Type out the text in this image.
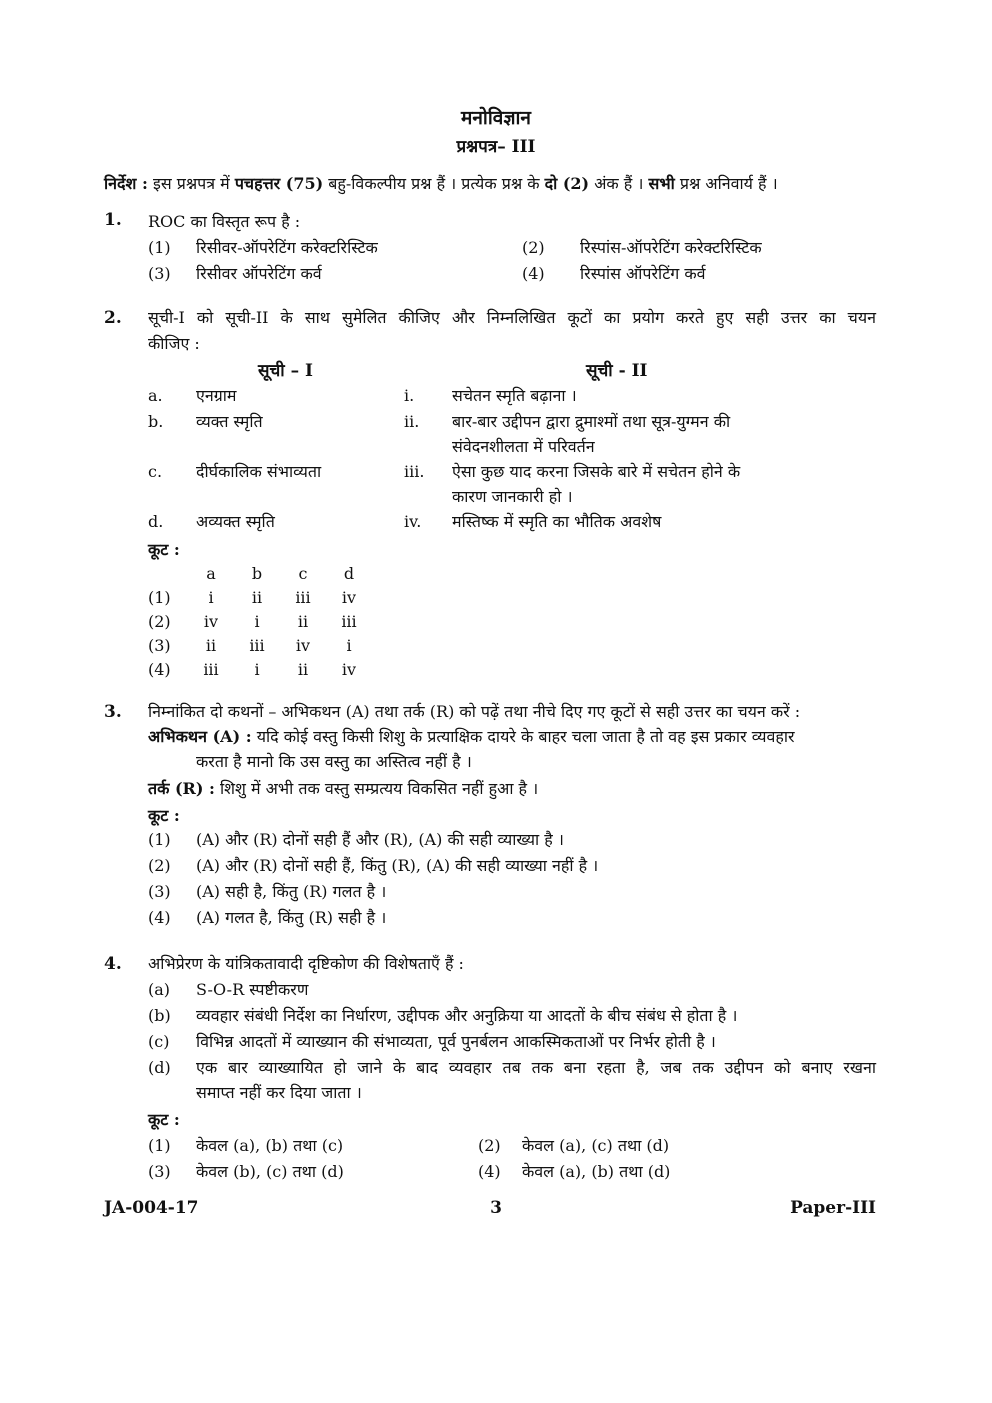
मनोविज्ञान
प्रश्नपत्र– III
निर्देश : इस प्रश्नपत्र में पचहत्तर (75) बहु-विकल्पीय प्रश्न हैं । प्रत्येक प्रश्न के दो (2) अंक हैं । सभी प्रश्न अनिवार्य हैं ।
1. ROC का विस्तृत रूप है :
(1) रिसीवर-ऑपरेटिंग करेक्टरिस्टिक	(2) रिस्पांस-ऑपरेटिंग करेक्टरिस्टिक
(3) रिसीवर ऑपरेटिंग कर्व	(4) रिस्पांस ऑपरेटिंग कर्व
2. सूची-I को सूची-II के साथ सुमेलित कीजिए और निम्नलिखित कूटों का प्रयोग करते हुए सही उत्तर का चयन
कीजिए :
सूची – I	सूची - II
a. एनग्राम	i. सचेतन स्मृति बढ़ाना ।
b. व्यक्त स्मृति	ii. बार-बार उद्दीपन द्वारा द्रुमाश्मों तथा सूत्र-युग्मन की
संवेदनशीलता में परिवर्तन
c. दीर्घकालिक संभाव्यता	iii. ऐसा कुछ याद करना जिसके बारे में सचेतन होने के
कारण जानकारी हो ।
d. अव्यक्त स्मृति	iv. मस्तिष्क में स्मृति का भौतिक अवशेष
कूट :
a	b	c	d
(1)	i	ii	iii	iv
(2)	iv	i	ii	iii
(3)	ii	iii	iv	i
(4)	iii	i	ii	iv
3. निम्नांकित दो कथनों – अभिकथन (A) तथा तर्क (R) को पढ़ें तथा नीचे दिए गए कूटों से सही उत्तर का चयन करें :
अभिकथन (A) : यदि कोई वस्तु किसी शिशु के प्रत्याक्षिक दायरे के बाहर चला जाता है तो वह इस प्रकार व्यवहार
करता है मानो कि उस वस्तु का अस्तित्व नहीं है ।
तर्क (R) : शिशु में अभी तक वस्तु सम्प्रत्यय विकसित नहीं हुआ है ।
कूट :
(1) (A) और (R) दोनों सही हैं और (R), (A) की सही व्याख्या है ।
(2) (A) और (R) दोनों सही हैं, किंतु (R), (A) की सही व्याख्या नहीं है ।
(3) (A) सही है, किंतु (R) गलत है ।
(4) (A) गलत है, किंतु (R) सही है ।
4. अभिप्रेरण के यांत्रिकतावादी दृष्टिकोण की विशेषताएँ हैं :
(a) S-O-R स्पष्टीकरण
(b) व्यवहार संबंधी निर्देश का निर्धारण, उद्दीपक और अनुक्रिया या आदतों के बीच संबंध से होता है ।
(c) विभिन्न आदतों में व्याख्यान की संभाव्यता, पूर्व पुनर्बलन आकस्मिकताओं पर निर्भर होती है ।
(d) एक बार व्याख्यायित हो जाने के बाद व्यवहार तब तक बना रहता है, जब तक उद्दीपन को बनाए रखना
समाप्त नहीं कर दिया जाता ।
कूट :
(1) केवल (a), (b) तथा (c)	(2) केवल (a), (c) तथा (d)
(3) केवल (b), (c) तथा (d)	(4) केवल (a), (b) तथा (d)
JA-004-17	3	Paper-III
